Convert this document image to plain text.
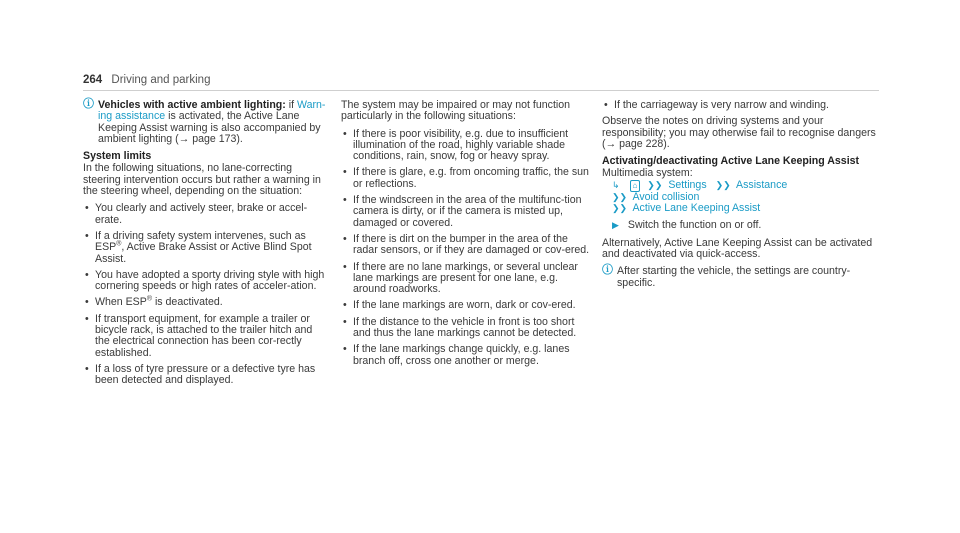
264 Driving and parking

ⓘ Vehicles with active ambient lighting: if Warn-ing assistance is activated, the Active Lane Keeping Assist warning is also accompanied by ambient lighting (→ page 173).

System limits

In the following situations, no lane-correcting steering intervention occurs but rather a warning in the steering wheel, depending on the situation:

• You clearly and actively steer, brake or accel-erate.
• If a driving safety system intervenes, such as ESP®, Active Brake Assist or Active Blind Spot Assist.
• You have adopted a sporty driving style with high cornering speeds or high rates of acceler-ation.
• When ESP® is deactivated.
• If transport equipment, for example a trailer or bicycle rack, is attached to the trailer hitch and the electrical connection has been cor-rectly established.
• If a loss of tyre pressure or a defective tyre has been detected and displayed.

The system may be impaired or may not function particularly in the following situations:

• If there is poor visibility, e.g. due to insufficient illumination of the road, highly variable shade conditions, rain, snow, fog or heavy spray.
• If there is glare, e.g. from oncoming traffic, the sun or reflections.
• If the windscreen in the area of the multifunc-tion camera is dirty, or if the camera is misted up, damaged or covered.
• If there is dirt on the bumper in the area of the radar sensors, or if they are damaged or cov-ered.
• If there are no lane markings, or several unclear lane markings are present for one lane, e.g. around roadworks.
• If the lane markings are worn, dark or cov-ered.
• If the distance to the vehicle in front is too short and thus the lane markings cannot be detected.
• If the lane markings change quickly, e.g. lanes branch off, cross one another or merge.
• If the carriageway is very narrow and winding.

Observe the notes on driving systems and your responsibility; you may otherwise fail to recognise dangers (→ page 228).

Activating/deactivating Active Lane Keeping Assist
Multimedia system:
↳ ⌂ ❯❯ Settings ❯❯ Assistance
❯❯ Avoid collision
❯❯ Active Lane Keeping Assist

▶ Switch the function on or off.

Alternatively, Active Lane Keeping Assist can be activated and deactivated via quick-access.

ⓘ After starting the vehicle, the settings are country-specific.
